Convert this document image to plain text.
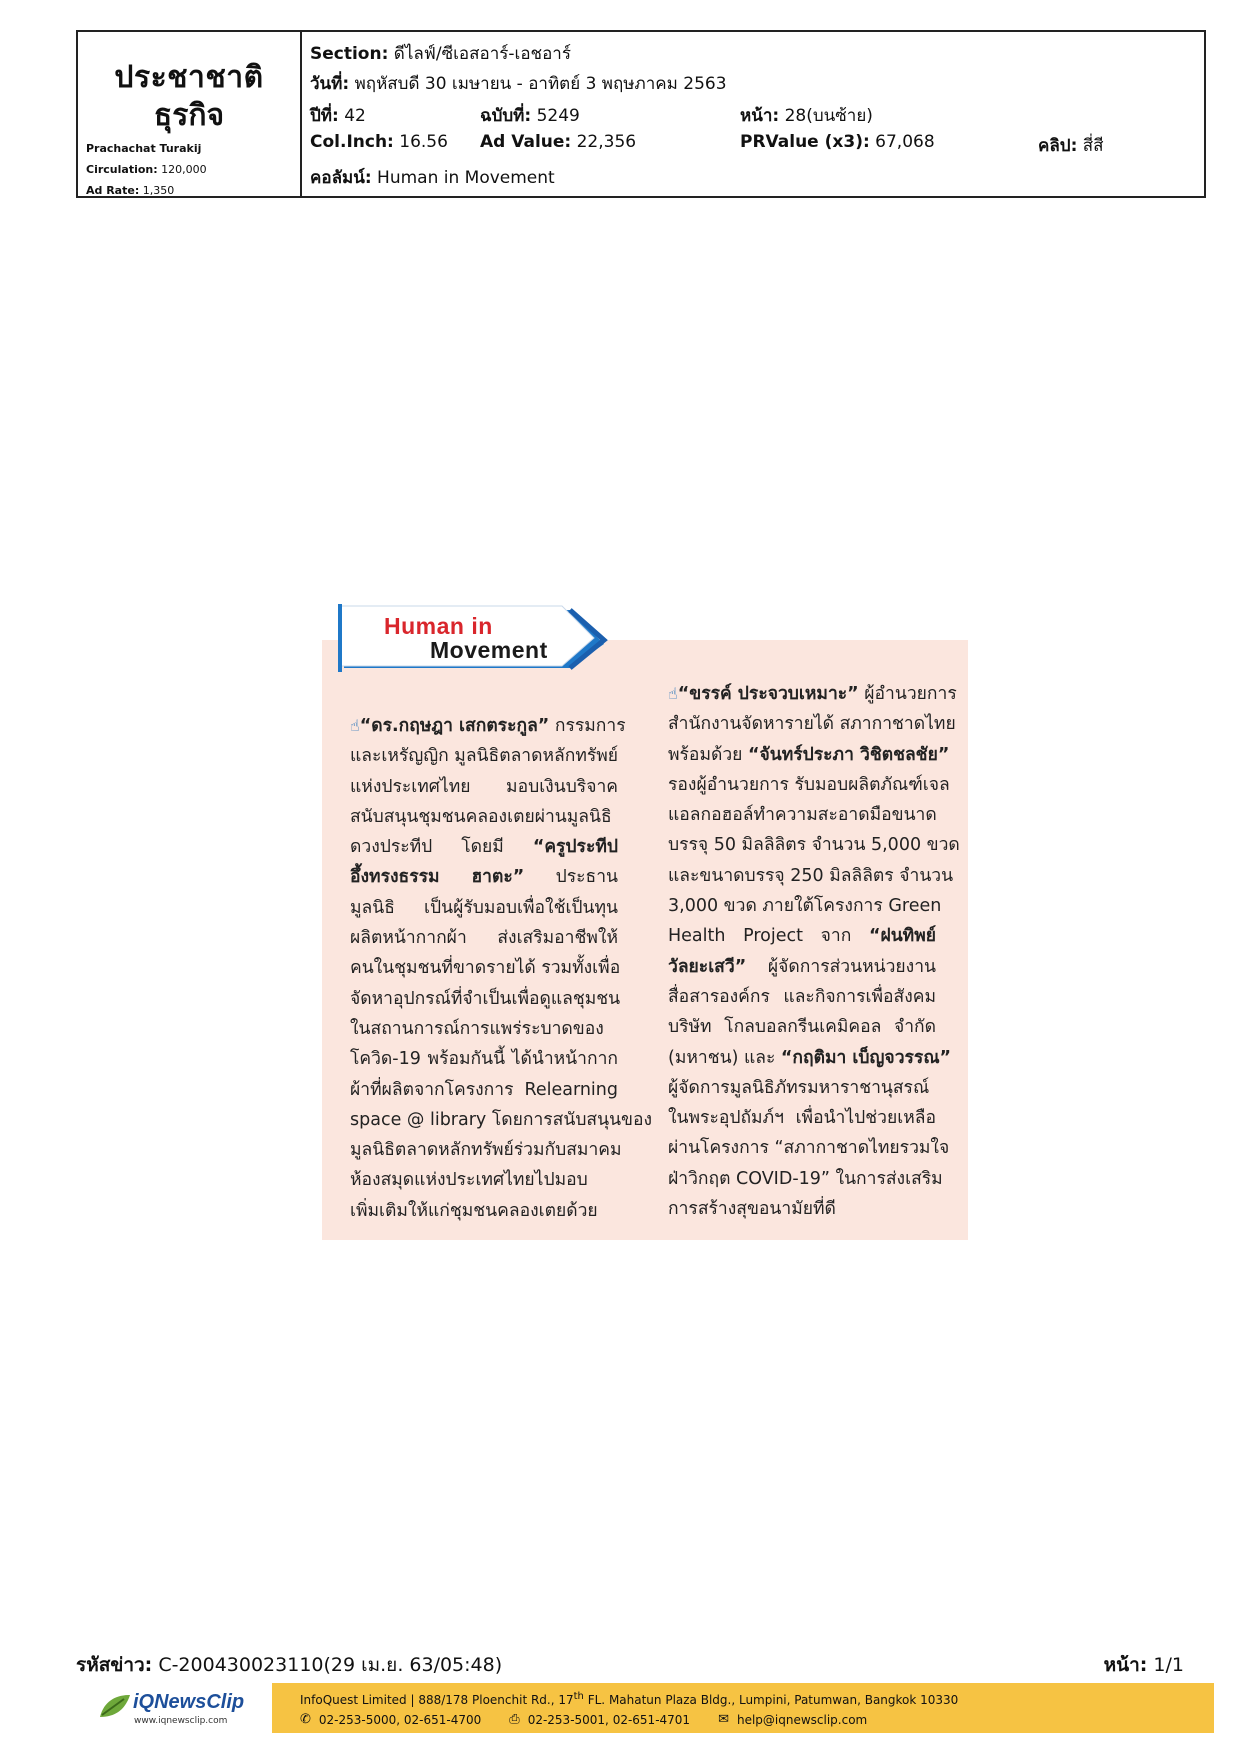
ประชาชาติ
ธุรกิจ
Prachachat Turakij
Circulation: 120,000
Ad Rate: 1,350
Section: ดีไลฟ์/ซีเอสอาร์-เอชอาร์
วันที่: พฤหัสบดี 30 เมษายน - อาทิตย์ 3 พฤษภาคม 2563
ปีที่: 42	ฉบับที่: 5249	หน้า: 28(บนซ้าย)
Col.Inch: 16.56 Ad Value: 22,356	PRValue (x3): 67,068	คลิป: สี่สี
คอลัมน์: Human in Movement
Human in
Movement
☝“ดร.กฤษฎา เสกตระกูล” กรรมการ
และเหรัญญิก มูลนิธิตลาดหลักทรัพย์
แห่งประเทศไทย มอบเงินบริจาค
สนับสนุนชุมชนคลองเตยผ่านมูลนิธิ
ดวงประทีป โดยมี “ครูประทีป
อึ้งทรงธรรม ฮาตะ” ประธาน
มูลนิธิ เป็นผู้รับมอบเพื่อใช้เป็นทุน
ผลิตหน้ากากผ้า ส่งเสริมอาชีพให้
คนในชุมชนที่ขาดรายได้ รวมทั้งเพื่อ
จัดหาอุปกรณ์ที่จำเป็นเพื่อดูแลชุมชน
ในสถานการณ์การแพร่ระบาดของ
โควิด-19 พร้อมกันนี้ ได้นำหน้ากาก
ผ้าที่ผลิตจากโครงการ Relearning
space @ library โดยการสนับสนุนของ
มูลนิธิตลาดหลักทรัพย์ร่วมกับสมาคม
ห้องสมุดแห่งประเทศไทยไปมอบ
เพิ่มเติมให้แก่ชุมชนคลองเตยด้วย
☝“ขรรค์ ประจวบเหมาะ” ผู้อำนวยการ
สำนักงานจัดหารายได้ สภากาชาดไทย
พร้อมด้วย “จันทร์ประภา วิชิตชลชัย”
รองผู้อำนวยการ รับมอบผลิตภัณฑ์เจล
แอลกอฮอล์ทำความสะอาดมือขนาด
บรรจุ 50 มิลลิลิตร จำนวน 5,000 ขวด
และขนาดบรรจุ 250 มิลลิลิตร จำนวน
3,000 ขวด ภายใต้โครงการ Green
Health Project จาก “ฝนทิพย์
วัลยะเสวี” ผู้จัดการส่วนหน่วยงาน
สื่อสารองค์กร และกิจการเพื่อสังคม
บริษัท โกลบอลกรีนเคมิคอล จำกัด
(มหาชน) และ “กฤติมา เบ็ญจวรรณ”
ผู้จัดการมูลนิธิภัทรมหาราชานุสรณ์
ในพระอุปถัมภ์ฯ เพื่อนำไปช่วยเหลือ
ผ่านโครงการ “สภากาชาดไทยรวมใจ
ฝ่าวิกฤต COVID-19” ในการส่งเสริม
การสร้างสุขอนามัยที่ดี
รหัสข่าว: C-200430023110(29 เม.ย. 63/05:48)	หน้า: 1/1
iQNewsClip
www.iqnewsclip.com
InfoQuest Limited | 888/178 Ploenchit Rd., 17th FL. Mahatun Plaza Bldg., Lumpini, Patumwan, Bangkok 10330
✆ 02-253-5000, 02-651-4700 ⎙ 02-253-5001, 02-651-4701 ✉ help@iqnewsclip.com
